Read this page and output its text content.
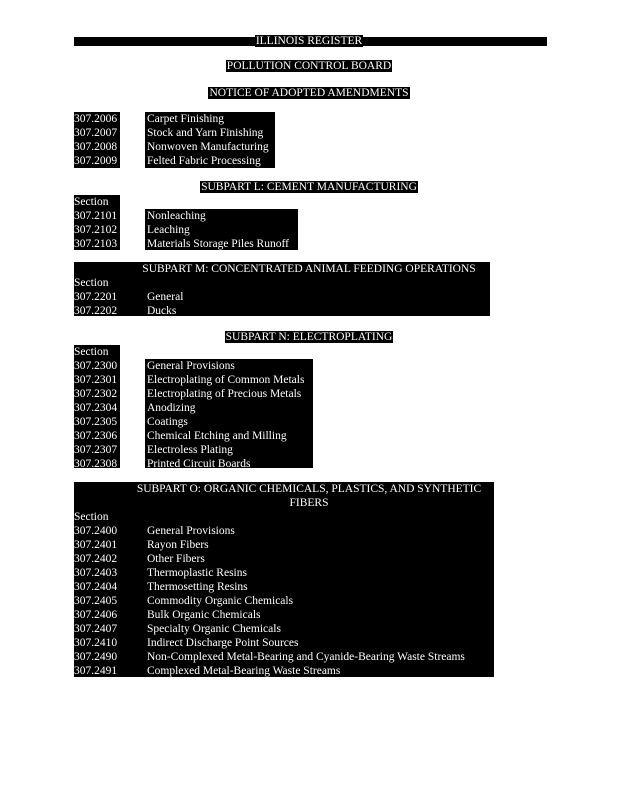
ILLINOIS REGISTER
POLLUTION CONTROL BOARD
NOTICE OF ADOPTED AMENDMENTS
307.2006	Carpet Finishing
307.2007	Stock and Yarn Finishing
307.2008	Nonwoven Manufacturing
307.2009	Felted Fabric Processing
SUBPART L: CEMENT MANUFACTURING
Section
307.2101	Nonleaching
307.2102	Leaching
307.2103	Materials Storage Piles Runoff
SUBPART M: CONCENTRATED ANIMAL FEEDING OPERATIONS
Section
307.2201	General
307.2202	Ducks
SUBPART N: ELECTROPLATING
Section
307.2300	General Provisions
307.2301	Electroplating of Common Metals
307.2302	Electroplating of Precious Metals
307.2304	Anodizing
307.2305	Coatings
307.2306	Chemical Etching and Milling
307.2307	Electroless Plating
307.2308	Printed Circuit Boards
SUBPART O: ORGANIC CHEMICALS, PLASTICS, AND SYNTHETIC
FIBERS
Section
307.2400	General Provisions
307.2401	Rayon Fibers
307.2402	Other Fibers
307.2403	Thermoplastic Resins
307.2404	Thermosetting Resins
307.2405	Commodity Organic Chemicals
307.2406	Bulk Organic Chemicals
307.2407	Specialty Organic Chemicals
307.2410	Indirect Discharge Point Sources
307.2490	Non-Complexed Metal-Bearing and Cyanide-Bearing Waste Streams
307.2491	Complexed Metal-Bearing Waste Streams
